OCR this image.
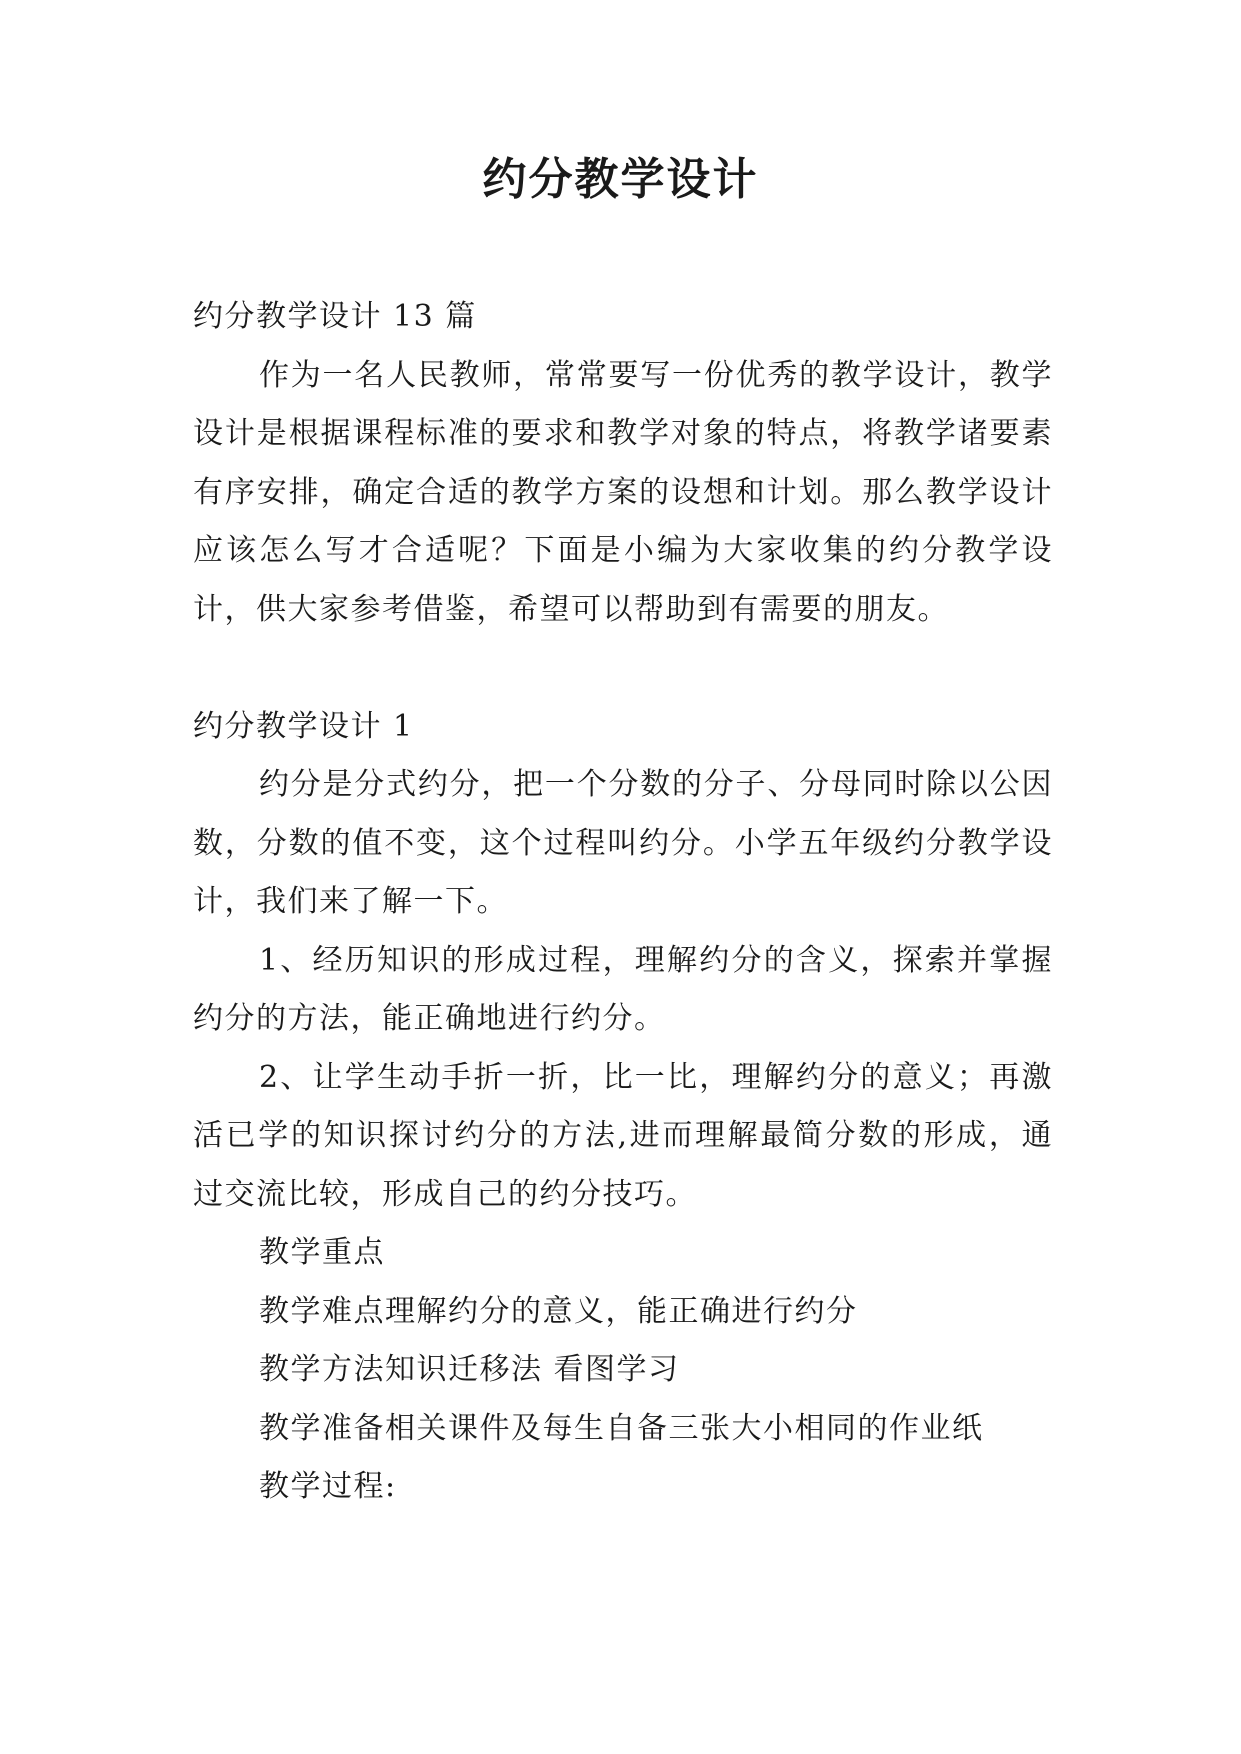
约分教学设计

约分教学设计 13 篇

作为一名人民教师，常常要写一份优秀的教学设计，教学设计是根据课程标准的要求和教学对象的特点，将教学诸要素有序安排，确定合适的教学方案的设想和计划。那么教学设计应该怎么写才合适呢？下面是小编为大家收集的约分教学设计，供大家参考借鉴，希望可以帮助到有需要的朋友。

约分教学设计 1

约分是分式约分，把一个分数的分子、分母同时除以公因数，分数的值不变，这个过程叫约分。小学五年级约分教学设计，我们来了解一下。

1、经历知识的形成过程，理解约分的含义，探索并掌握约分的方法，能正确地进行约分。

2、让学生动手折一折，比一比，理解约分的意义；再激活已学的知识探讨约分的方法,进而理解最简分数的形成，通过交流比较，形成自己的约分技巧。

教学重点

教学难点理解约分的意义，能正确进行约分

教学方法知识迁移法 看图学习

教学准备相关课件及每生自备三张大小相同的作业纸

教学过程:
